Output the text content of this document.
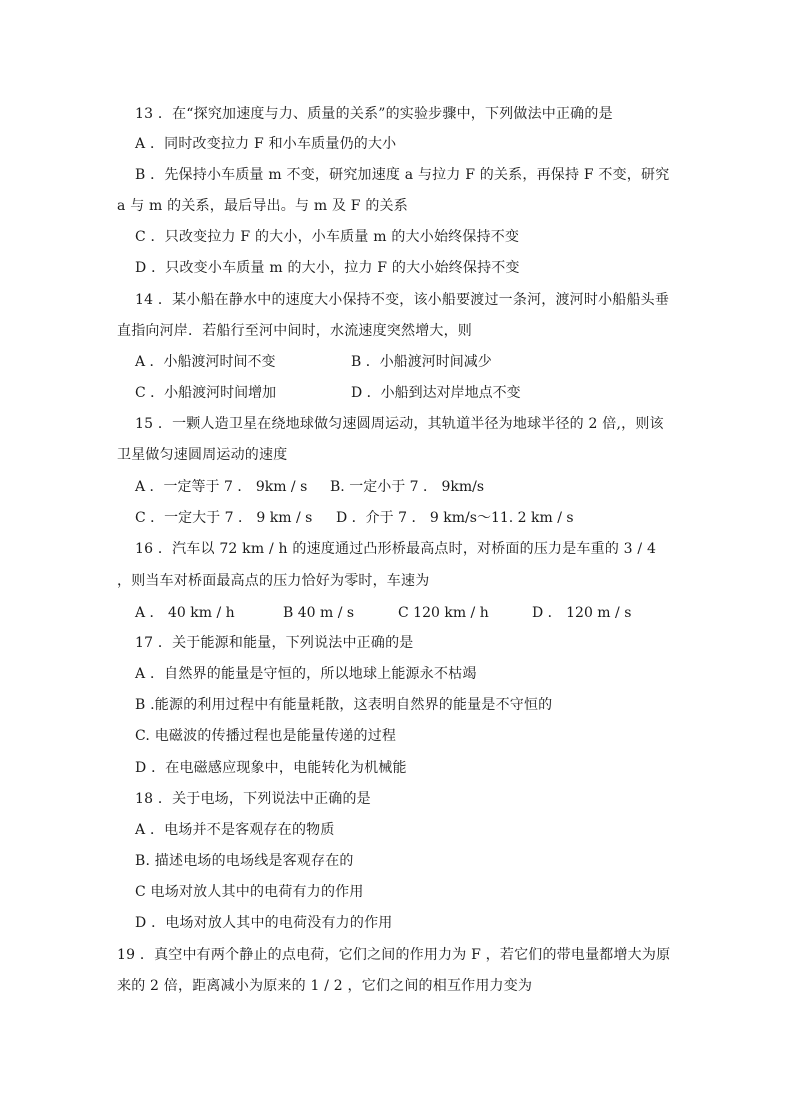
13 ．在“探究加速度与力、质量的关系”的实验步骤中，下列做法中正确的是
A ．同时改变拉力 F 和小车质量仍的大小
B ．先保持小车质量 m 不变，研究加速度 a 与拉力 F 的关系，再保持 F 不变，研究
a 与 m 的关系，最后导出。与 m 及 F 的关系
C ．只改变拉力 F 的大小，小车质量 m 的大小始终保持不变
D ．只改变小车质量 m 的大小，拉力 F 的大小始终保持不变
14 ．某小船在静水中的速度大小保持不变，该小船要渡过一条河，渡河时小船船头垂
直指向河岸．若船行至河中间时，水流速度突然增大，则
A ．小船渡河时间不变	B ．小船渡河时间减少
C ．小船渡河时间增加	D ．小船到达对岸地点不变
15 ．一颗人造卫星在绕地球做匀速圆周运动，其轨道半径为地球半径的 2 倍,，则该
卫星做匀速圆周运动的速度
A ．一定等于 7 ． 9km / s B. 一定小于 7 ． 9km/s
C ．一定大于 7 ． 9 km / s D ．介于 7 ． 9 km/s～11. 2 km / s
16 ．汽车以 72 km / h 的速度通过凸形桥最高点时，对桥面的压力是车重的 3 / 4
，则当车对桥面最高点的压力恰好为零时，车速为
A ． 40 km / h	B 40 m / s	C 120 km / h	D ． 120 m / s
17 ．关于能源和能量，下列说法中正确的是
A ．自然界的能量是守恒的，所以地球上能源永不枯竭
B .能源的利用过程中有能量耗散，这表明自然界的能量是不守恒的
C. 电磁波的传播过程也是能量传递的过程
D ．在电磁感应现象中，电能转化为机械能
18 ．关于电场，下列说法中正确的是
A ．电场并不是客观存在的物质
B. 描述电场的电场线是客观存在的
C 电场对放人其中的电荷有力的作用
D ．电场对放人其中的电荷没有力的作用
19 ．真空中有两个静止的点电荷，它们之间的作用力为 F ，若它们的带电量都增大为原
来的 2 倍，距离减小为原来的 1 / 2 ，它们之间的相互作用力变为
